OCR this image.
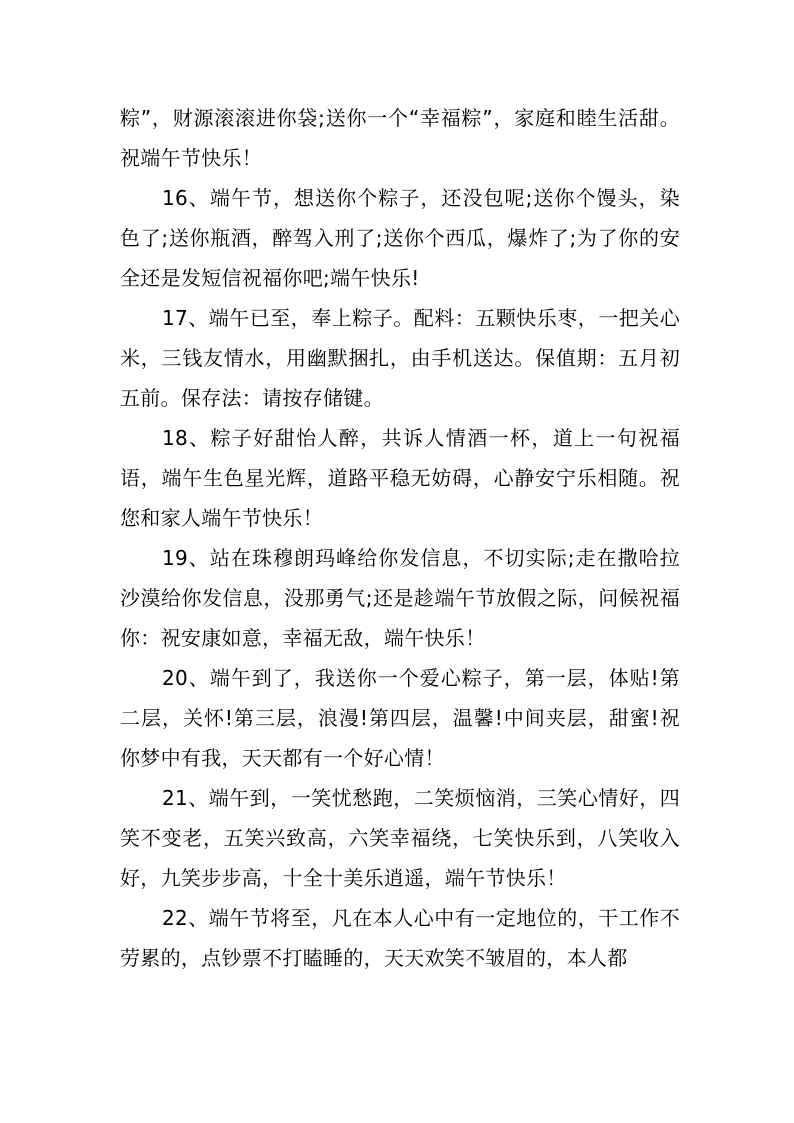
粽”，财源滚滚进你袋;送你一个“幸福粽”，家庭和睦生活甜。祝端午节快乐！

16、端午节，想送你个粽子，还没包呢;送你个馒头，染色了;送你瓶酒，醉驾入刑了;送你个西瓜，爆炸了;为了你的安全还是发短信祝福你吧;端午快乐!

17、端午已至，奉上粽子。配料：五颗快乐枣，一把关心米，三钱友情水，用幽默捆扎，由手机送达。保值期：五月初五前。保存法：请按存储键。

18、粽子好甜怡人醉，共诉人情酒一杯，道上一句祝福语，端午生色星光辉，道路平稳无妨碍，心静安宁乐相随。祝您和家人端午节快乐！

19、站在珠穆朗玛峰给你发信息，不切实际;走在撒哈拉沙漠给你发信息，没那勇气;还是趁端午节放假之际，问候祝福你：祝安康如意，幸福无敌，端午快乐！

20、端午到了，我送你一个爱心粽子，第一层，体贴!第二层，关怀!第三层，浪漫!第四层，温馨!中间夹层，甜蜜!祝你梦中有我，天天都有一个好心情！

21、端午到，一笑忧愁跑，二笑烦恼消，三笑心情好，四笑不变老，五笑兴致高，六笑幸福绕，七笑快乐到，八笑收入好，九笑步步高，十全十美乐逍遥，端午节快乐！

22、端午节将至，凡在本人心中有一定地位的，干工作不劳累的，点钞票不打瞌睡的，天天欢笑不皱眉的，本人都
